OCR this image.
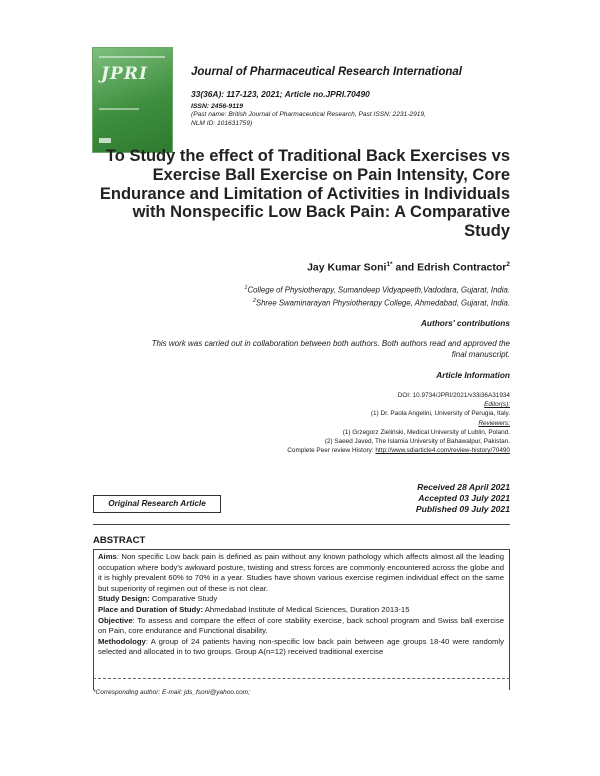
JPRI	Journal of Pharmaceutical Research International
33(36A): 117-123, 2021; Article no.JPRI.70490
ISSN: 2456-9119
(Past name: British Journal of Pharmaceutical Research, Past ISSN: 2231-2919,
NLM ID: 101631759)
To Study the effect of Traditional Back Exercises vs
Exercise Ball Exercise on Pain Intensity, Core
Endurance and Limitation of Activities in Individuals
with Nonspecific Low Back Pain: A Comparative
Study
Jay Kumar Soni$^{1*}$ and Edrish Contractor$^2$
$^1$College of Physiotherapy, Sumandeep Vidyapeeth,Vadodara, Gujarat, India.
$^2$Shree Swaminarayan Physiotherapy College, Ahmedabad, Gujarat, India.
Authors' contributions
This work was carried out in collaboration between both authors. Both authors read and approved the
final manuscript.
Article Information
DOI: 10.9734/JPRI/2021/v33i36A31934
Editor(s):
(1) Dr. Paola Angelini, University of Perugia, Italy.
Reviewers:
(1) Grzegorz Zieliński, Medical University of Lublin, Poland.
(2) Saeed Javed, The Islamia University of Bahawalpur, Pakistan.
Complete Peer review History: http://www.sdiarticle4.com/review-history/70490
Original Research Article
Received 28 April 2021
Accepted 03 July 2021
Published 09 July 2021
ABSTRACT

Aims: Non specific Low back pain is defined as pain without any known pathology which affects almost all the leading occupation where body's awkward posture, twisting and stress forces are commonly encountered across the globe and it is highly prevalent 60% to 70% in a year. Studies have shown various exercise regimen individual effect on the same but superiority of regimen out of these is not clear.

Study Design: Comparative Study

Place and Duration of Study: Ahmedabad Institute of Medical Sciences, Duration 2013-15

Objective: To assess and compare the effect of core stability exercise, back school program and Swiss ball exercise on Pain, core endurance and Functional disability.

Methodology: A group of 24 patients having non-specific low back pain between age groups 18-40 were randomly selected and allocated in to two groups. Group A(n=12) received traditional exercise

*Corresponding author: E-mail: jds_fsoni@yahoo.com;
